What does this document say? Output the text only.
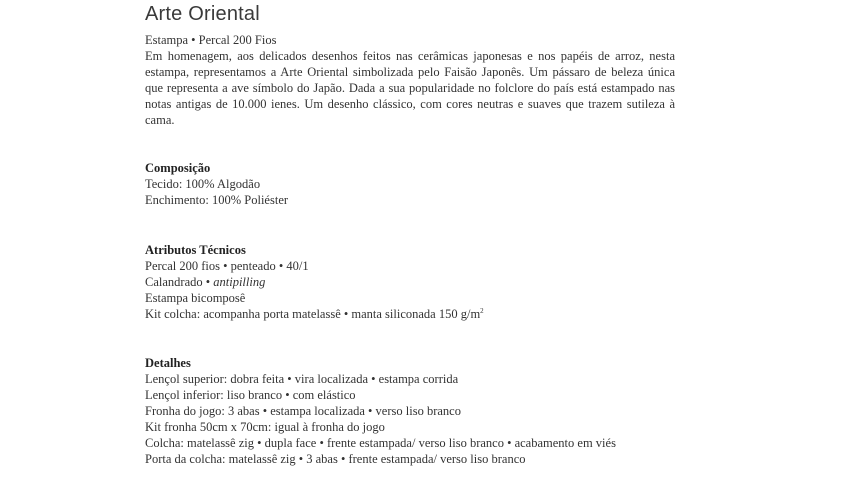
Arte Oriental
Estampa • Percal 200 Fios
Em homenagem, aos delicados desenhos feitos nas cerâmicas japonesas e nos papéis de arroz, nesta estampa, representamos a Arte Oriental simbolizada pelo Faisão Japonês. Um pássaro de beleza única que representa a ave símbolo do Japão. Dada a sua popularidade no folclore do país está estampado nas notas antigas de 10.000 ienes. Um desenho clássico, com cores neutras e suaves que trazem sutileza à cama.
Composição
Tecido: 100% Algodão
Enchimento: 100% Poliéster
Atributos Técnicos
Percal 200 fios • penteado • 40/1
Calandrado • antipilling
Estampa bicomposê
Kit colcha: acompanha porta matelassê • manta siliconada 150 $g/m^2$
Detalhes
Lençol superior: dobra feita • vira localizada • estampa corrida
Lençol inferior: liso branco • com elástico
Fronha do jogo: 3 abas • estampa localizada • verso liso branco
Kit fronha 50cm x 70cm: igual à fronha do jogo
Colcha: matelassê zig • dupla face • frente estampada/ verso liso branco • acabamento em viés
Porta da colcha: matelassê zig • 3 abas • frente estampada/ verso liso branco
